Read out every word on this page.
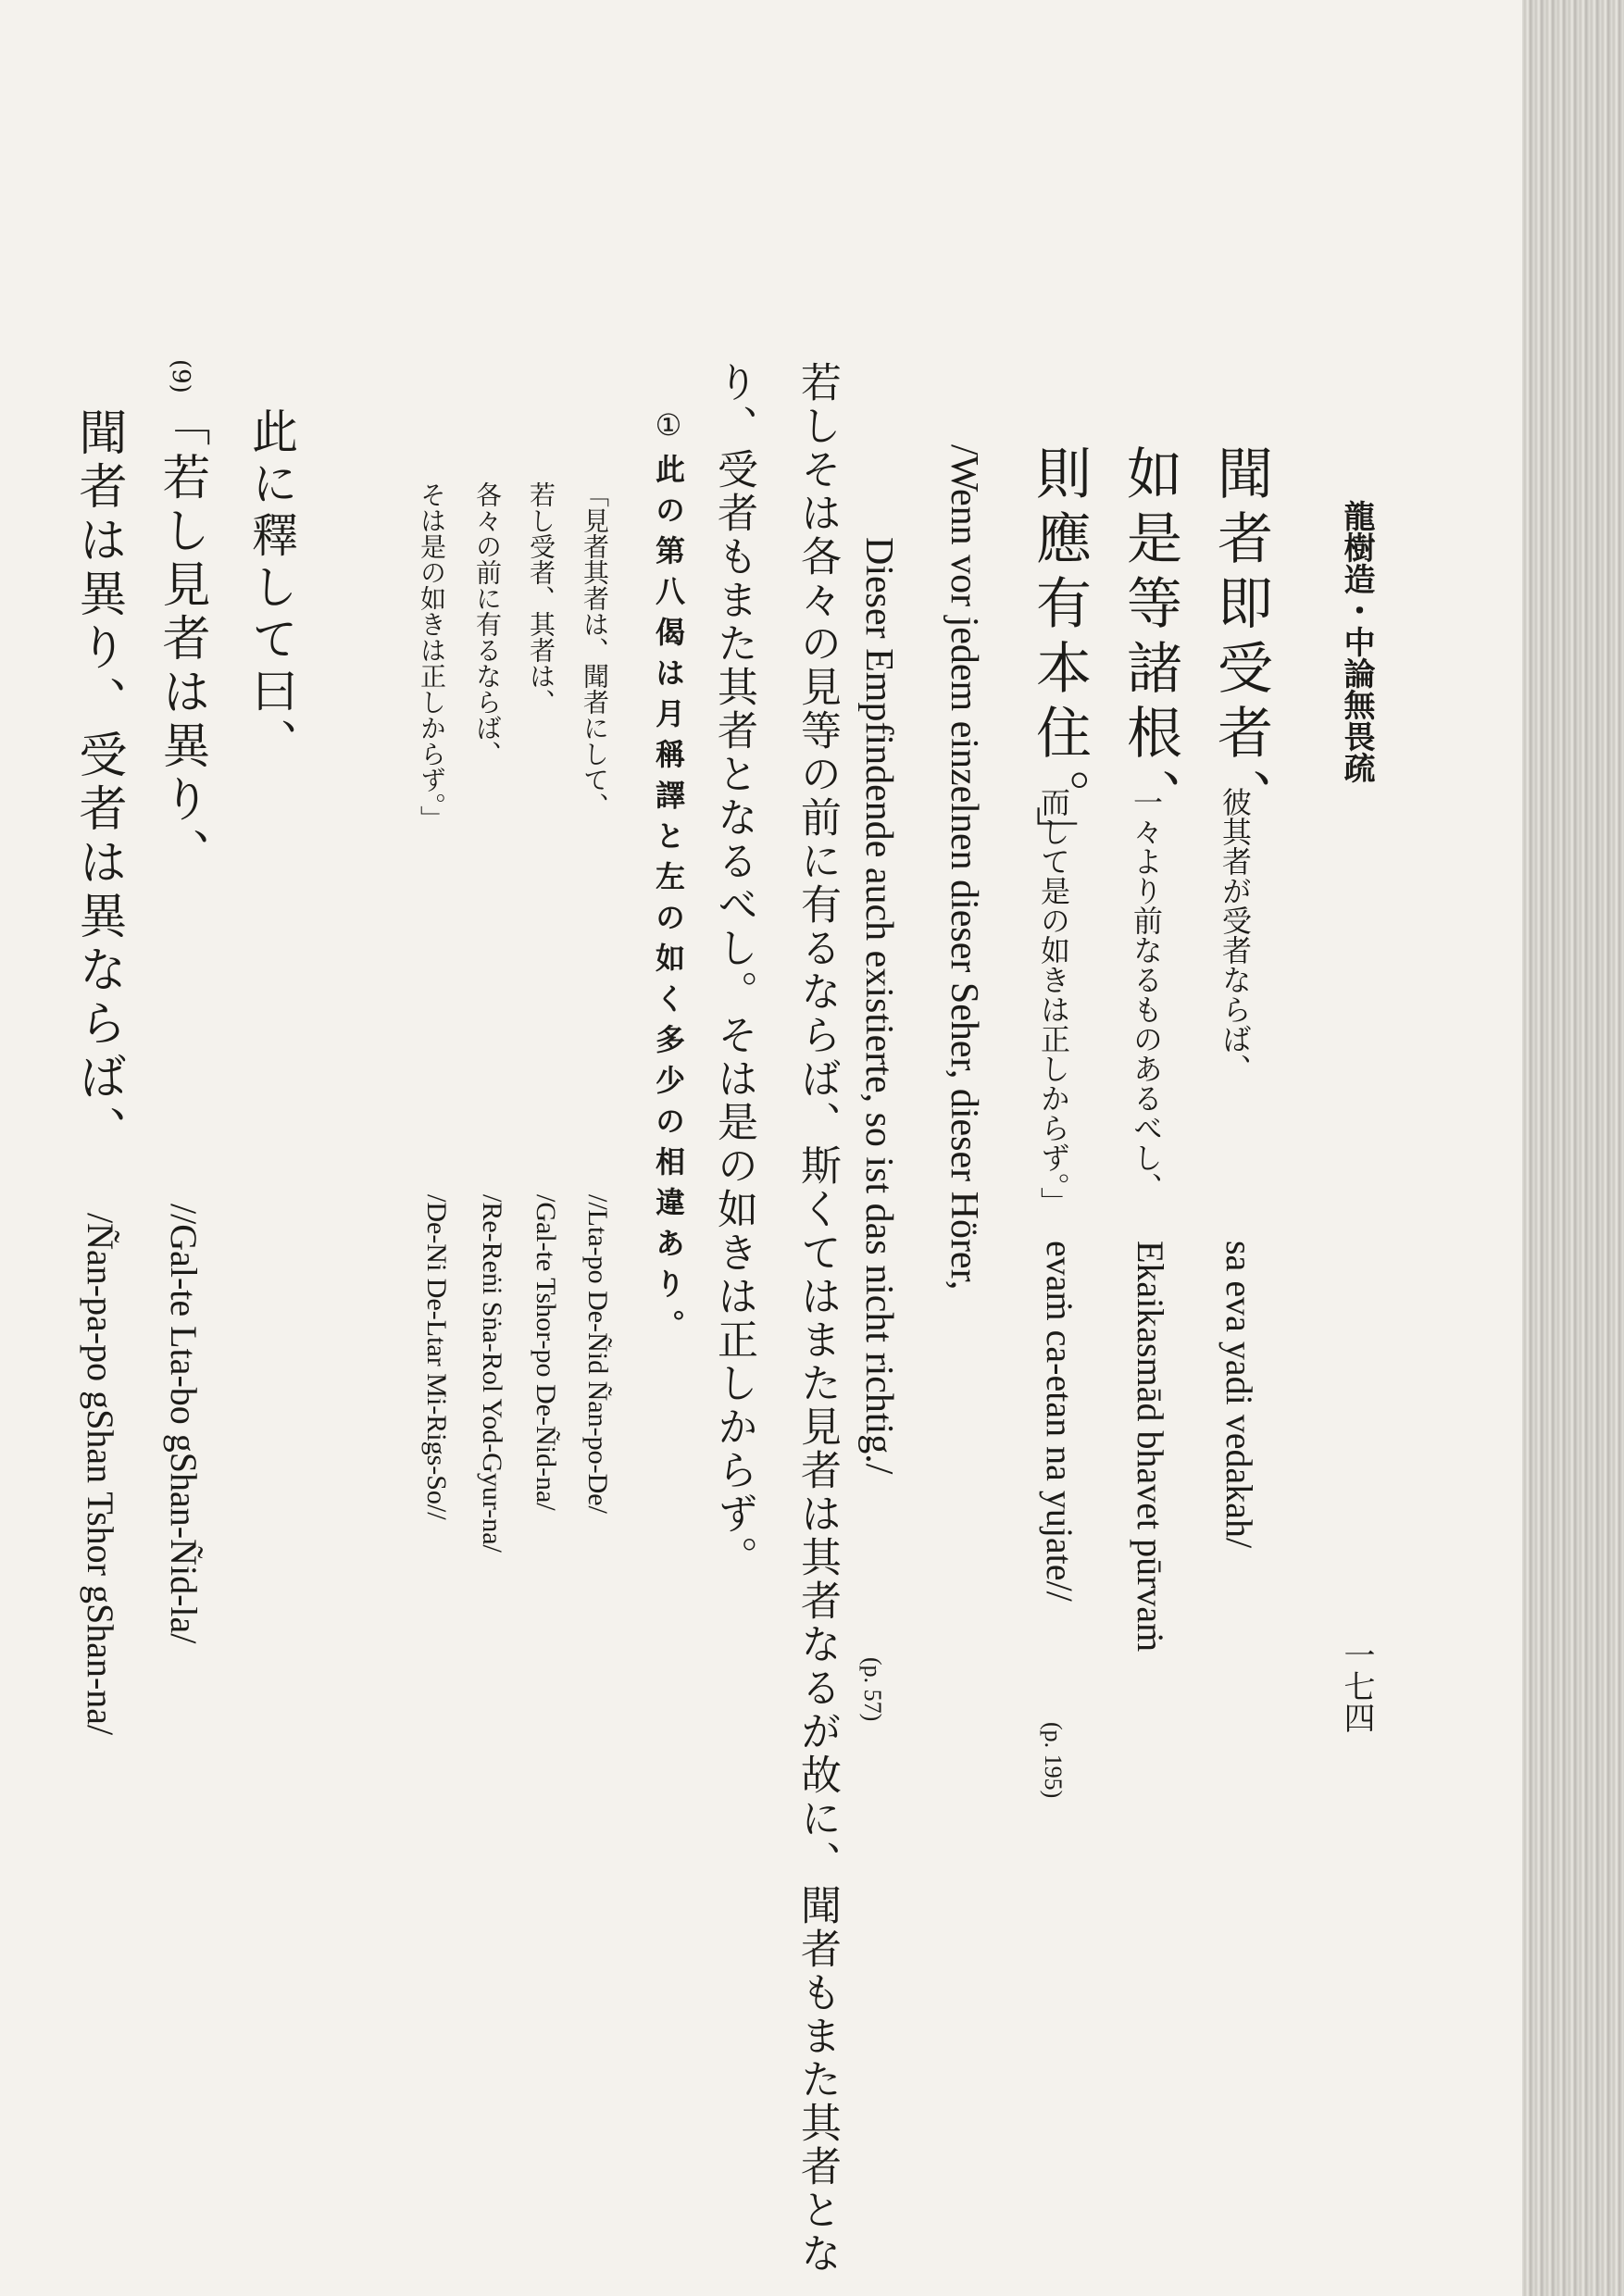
龍樹造・中論無畏疏
一七四
聞者即受者、
彼其者が受者ならば、
sa eva yadi vedakah/
如是等諸根、
一々より前なるものあるべし、
Ekaikasmād bhavet pūrvaṁ
則應有本住。」
而して是の如きは正しからず。」
evaṁ ca-etan na yujate//
(p. 195)
/Wenn vor jedem einzelnen dieser Seher, dieser Hörer,
Dieser Empfindende auch existierte, so ist das nicht richtig./
(p. 57)
若しそは各々の見等の前に有るならば、斯くてはまた見者は其者なるが故に、聞者もまた其者とな
り、受者もまた其者となるべし。そは是の如きは正しからず。
①
此の第八偈は月稱譯と左の如く多少の相違あり。
「見者其者は、聞者にして、
//Lta-po De-Ñid Ñan-po-De/
若し受者、其者は、
/Gal-te Tshor-po De-Ñid-na/
各々の前に有るならば、
/Re-Reṅi Sṅa-Rol Yod-Gyur-na/
そは是の如きは正しからず。」
/De-Ni De-Ltar Mi-Rigs-So//
此に釋して曰、
(9)
「若し見者は異り、
//Gal-te Lta-bo gShan-Ñid-la/
聞者は異り、受者は異ならば、
/Ñan-pa-po gShan Tshor gShan-na/
